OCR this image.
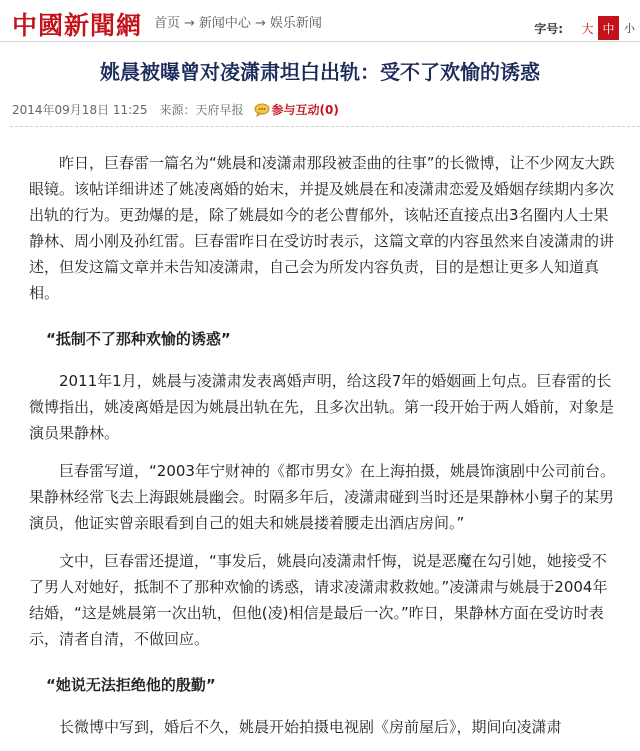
中國新聞網 首页 → 新闻中心 → 娱乐新闻	字号:	大 中 小
姚晨被曝曾对凌潇肃坦白出轨：受不了欢愉的诱惑
2014年09月18日 11:25 来源：天府早报 参与互动(0)

昨日，巨春雷一篇名为“姚晨和凌潇肃那段被歪曲的往事”的长微博，让不少网友大跌眼镜。该帖详细讲述了姚凌离婚的始末，并提及姚晨在和凌潇肃恋爱及婚姻存续期内多次出轨的行为。更劲爆的是，除了姚晨如今的老公曹郁外，该帖还直接点出3名圈内人士果静林、周小刚及孙红雷。巨春雷昨日在受访时表示，这篇文章的内容虽然来自凌潇肃的讲述，但发这篇文章并未告知凌潇肃，自己会为所发内容负责，目的是想让更多人知道真相。

“抵制不了那种欢愉的诱惑”

2011年1月，姚晨与凌潇肃发表离婚声明，给这段7年的婚姻画上句点。巨春雷的长微博指出，姚凌离婚是因为姚晨出轨在先，且多次出轨。第一段开始于两人婚前，对象是演员果静林。

巨春雷写道，“2003年宁财神的《都市男女》在上海拍摄，姚晨饰演剧中公司前台。果静林经常飞去上海跟姚晨幽会。时隔多年后，凌潇肃碰到当时还是果静林小舅子的某男演员，他证实曾亲眼看到自己的姐夫和姚晨搂着腰走出酒店房间。”

文中，巨春雷还提道，“事发后，姚晨向凌潇肃忏悔，说是恶魔在勾引她，她接受不了男人对她好，抵制不了那种欢愉的诱惑，请求凌潇肃救救她。”凌潇肃与姚晨于2004年结婚，“这是姚晨第一次出轨，但他(凌)相信是最后一次。”昨日，果静林方面在受访时表示，清者自清，不做回应。

“她说无法拒绝他的殷勤”

长微博中写到，婚后不久，姚晨开始拍摄电视剧《房前屋后》，期间向凌潇肃
